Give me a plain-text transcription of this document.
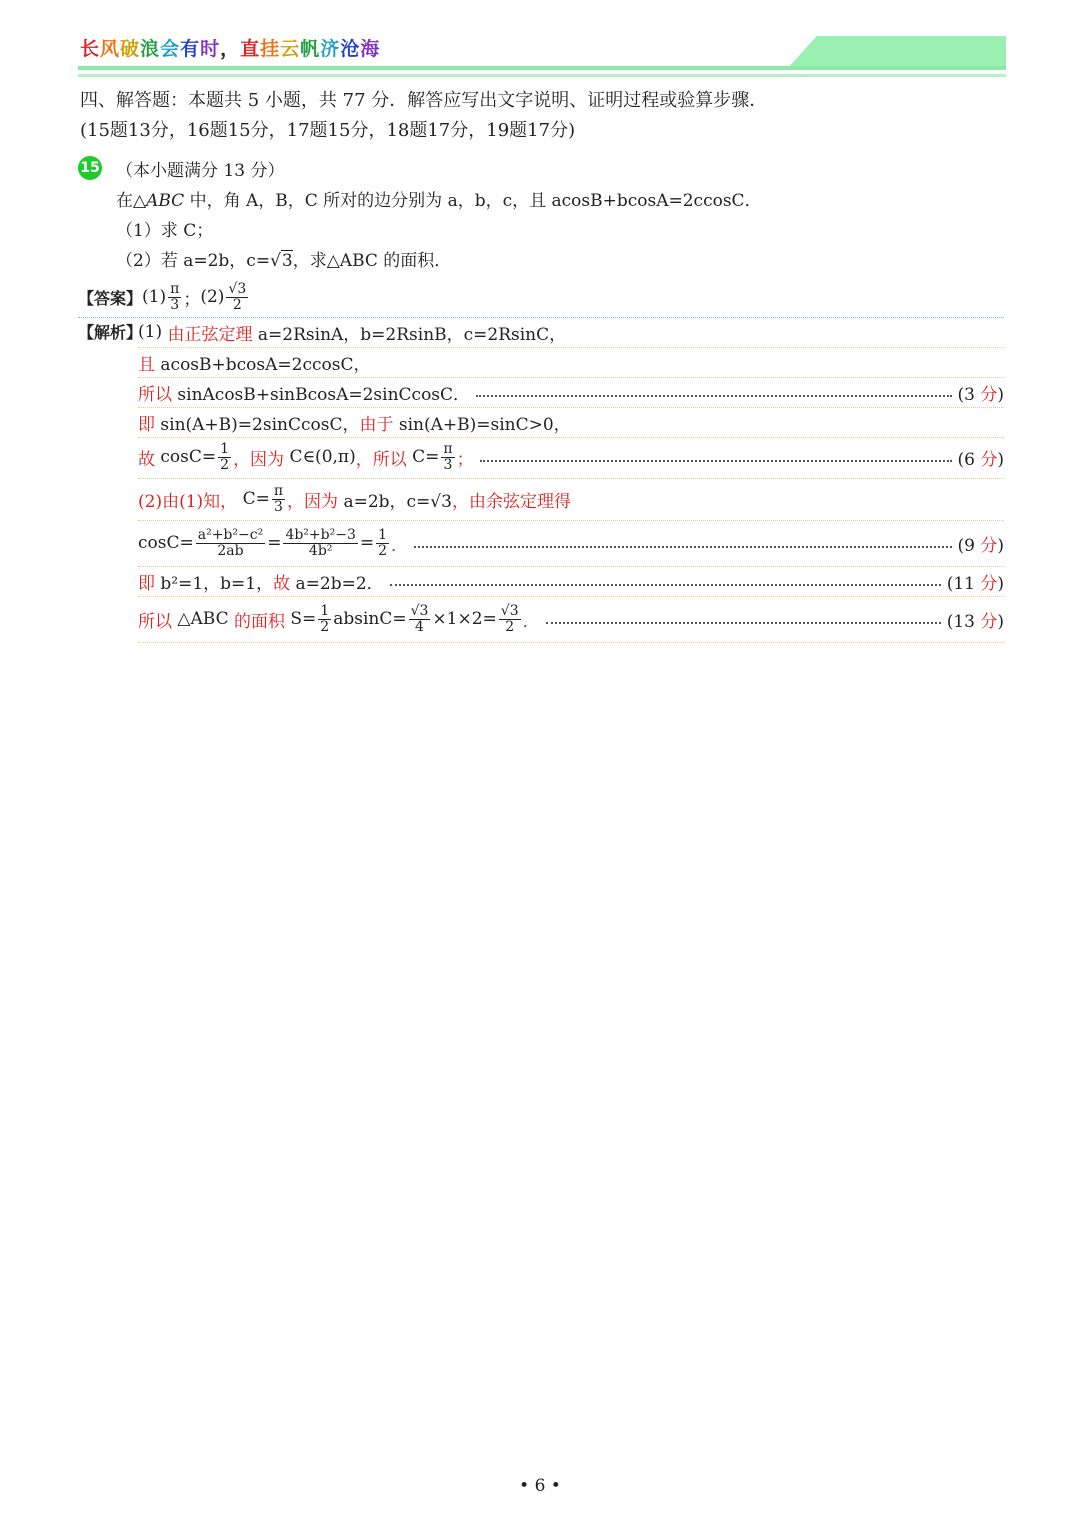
长风破浪会有时，直挂云帆济沧海
四、解答题：本题共 5 小题，共 77 分．解答应写出文字说明、证明过程或验算步骤．
(15题13分，16题15分，17题15分，18题17分，19题17分)
15 （本小题满分 13 分）
在△ABC 中，角 A，B，C 所对的边分别为 a，b，c，且 acosB+bcosA=2ccosC．
（1）求 C；
（2）若 a=2b，c=√3，求△ABC 的面积．
【答案】 $(1) \frac{\pi}{3}$ ； $(2) \frac{√3}{2}$
【解析】
(1)
由正弦定理
a=2RsinA，b=2RsinB，c=2RsinC，
且
acosB+bcosA=2ccosC，
所以
sinAcosB+sinBcosA=2sinCcosC．	(3 分)
即
sin(A+B)=2sinCcosC， 由于
sin(A+B)=sinC>0，
故
$\cos C= \frac{1}{2}$ ，因为
C∈(0,π) ，所以
$C= \frac{\pi}{3}$ ；	(6 分)
(2)由(1)知，
$C= \frac{\pi}{3}$ ，因为
a=2b，c=√3 ，由余弦定理得
$\cos C= \frac{\text{a²+b²−c²}}{2ab} = \frac{\text{4b²+b²−3}}{\text{4b²}} = \frac{1}{2}$ ．	(9 分)
即
b²=1，b=1， 故
a=2b=2．	(11 分)
所以
△ABC
的面积
$S= \frac{1}{2} absinC= \frac{√3}{4} \times 1\times 2= \frac{√3}{2}$ ．	(13 分)
• 6 •
